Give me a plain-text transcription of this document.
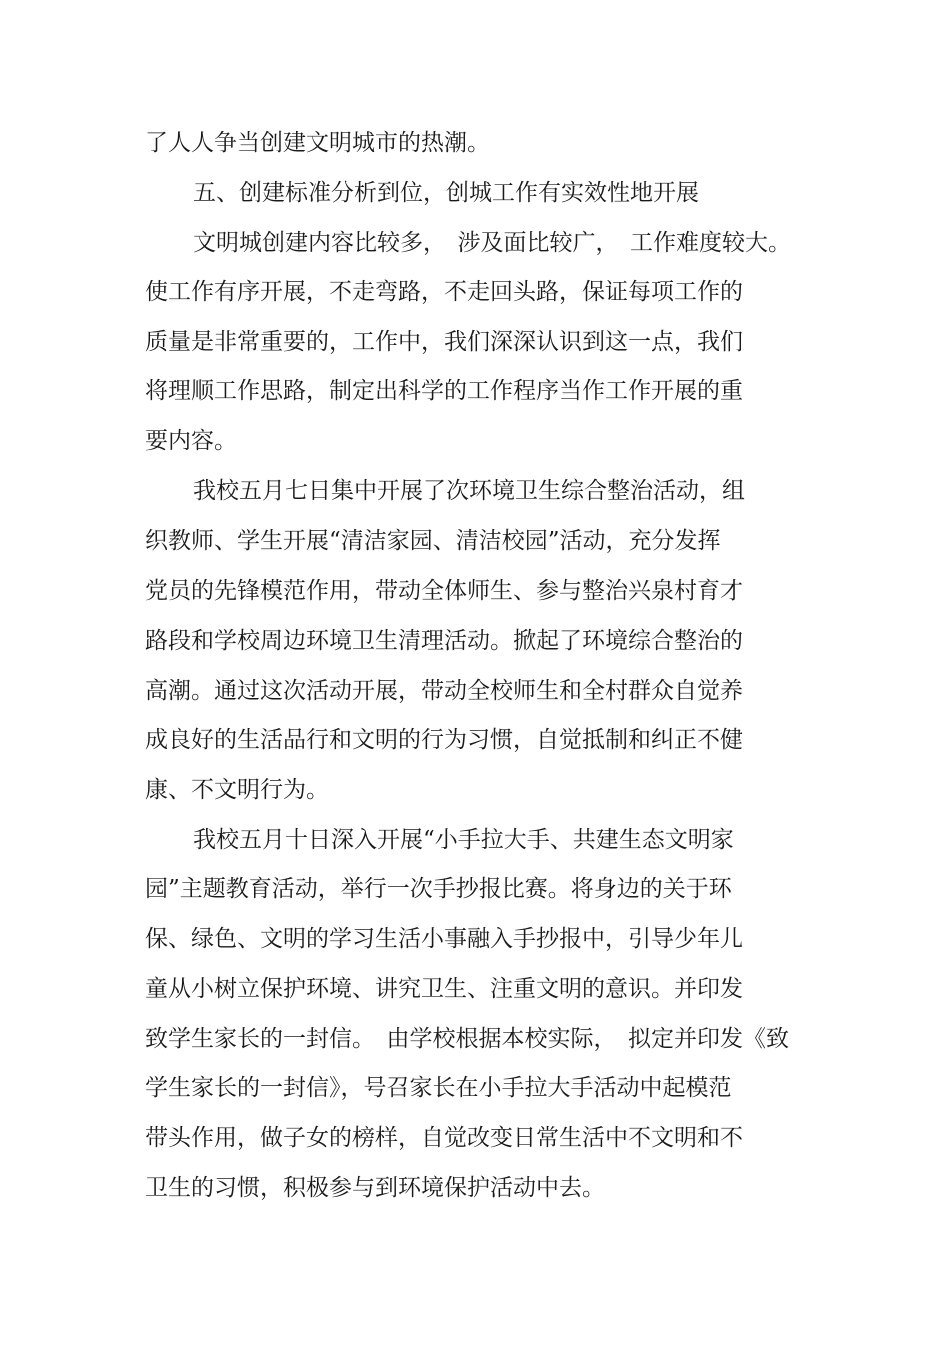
了人人争当创建文明城市的热潮。

五、创建标准分析到位，创城工作有实效性地开展

文明城创建内容比较多，　涉及面比较广，　工作难度较大。

使工作有序开展，不走弯路，不走回头路，保证每项工作的

质量是非常重要的，工作中，我们深深认识到这一点，我们

将理顺工作思路，制定出科学的工作程序当作工作开展的重

要内容。

我校五月七日集中开展了次环境卫生综合整治活动，组

织教师、学生开展“清洁家园、清洁校园”活动，充分发挥

党员的先锋模范作用，带动全体师生、参与整治兴泉村育才

路段和学校周边环境卫生清理活动。掀起了环境综合整治的

高潮。通过这次活动开展，带动全校师生和全村群众自觉养

成良好的生活品行和文明的行为习惯，自觉抵制和纠正不健

康、不文明行为。

我校五月十日深入开展“小手拉大手、共建生态文明家

园”主题教育活动，举行一次手抄报比赛。将身边的关于环

保、绿色、文明的学习生活小事融入手抄报中，引导少年儿

童从小树立保护环境、讲究卫生、注重文明的意识。并印发

致学生家长的一封信。　由学校根据本校实际，　拟定并印发《致

学生家长的一封信》，号召家长在小手拉大手活动中起模范

带头作用，做子女的榜样，自觉改变日常生活中不文明和不

卫生的习惯，积极参与到环境保护活动中去。
